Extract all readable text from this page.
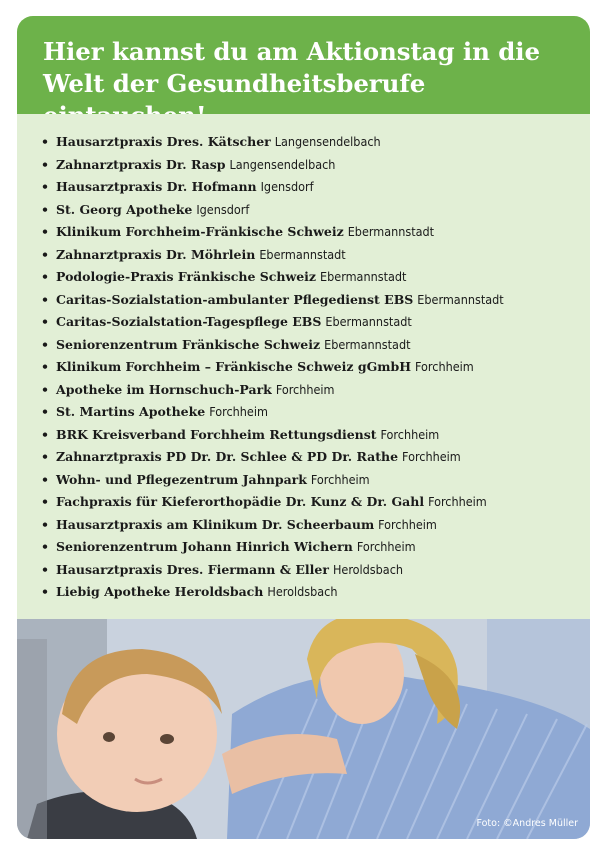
Hier kannst du am Aktionstag in die
Welt der Gesundheitsberufe
• Hausarztpraxis Dres. Kätscher Langensendelbach
• Zahnarztpraxis Dr. Rasp Langensendelbach
• Hausarztpraxis Dr. Hofmann Igensdorf
• St. Georg Apotheke Igensdorf
• Klinikum Forchheim-Fränkische Schweiz Ebermannstadt
• Zahnarztpraxis Dr. Möhrlein Ebermannstadt
• Podologie-Praxis Fränkische Schweiz Ebermannstadt
• Caritas-Sozialstation-ambulanter Pflegedienst EBS Ebermannstadt
• Caritas-Sozialstation-Tagespflege EBS Ebermannstadt
• Seniorenzentrum Fränkische Schweiz Ebermannstadt
• Klinikum Forchheim – Fränkische Schweiz gGmbH Forchheim
• Apotheke im Hornschuch-Park Forchheim
• St. Martins Apotheke Forchheim
• BRK Kreisverband Forchheim Rettungsdienst Forchheim
• Zahnarztpraxis PD Dr. Dr. Schlee & PD Dr. Rathe Forchheim
• Wohn- und Pflegezentrum Jahnpark Forchheim
• Fachpraxis für Kieferorthopädie Dr. Kunz & Dr. Gahl Forchheim
• Hausarztpraxis am Klinikum Dr. Scheerbaum Forchheim
• Seniorenzentrum Johann Hinrich Wichern Forchheim
• Hausarztpraxis Dres. Fiermann & Eller Heroldsbach
• Liebig Apotheke Heroldsbach Heroldsbach
Foto: ©Andres Müller
